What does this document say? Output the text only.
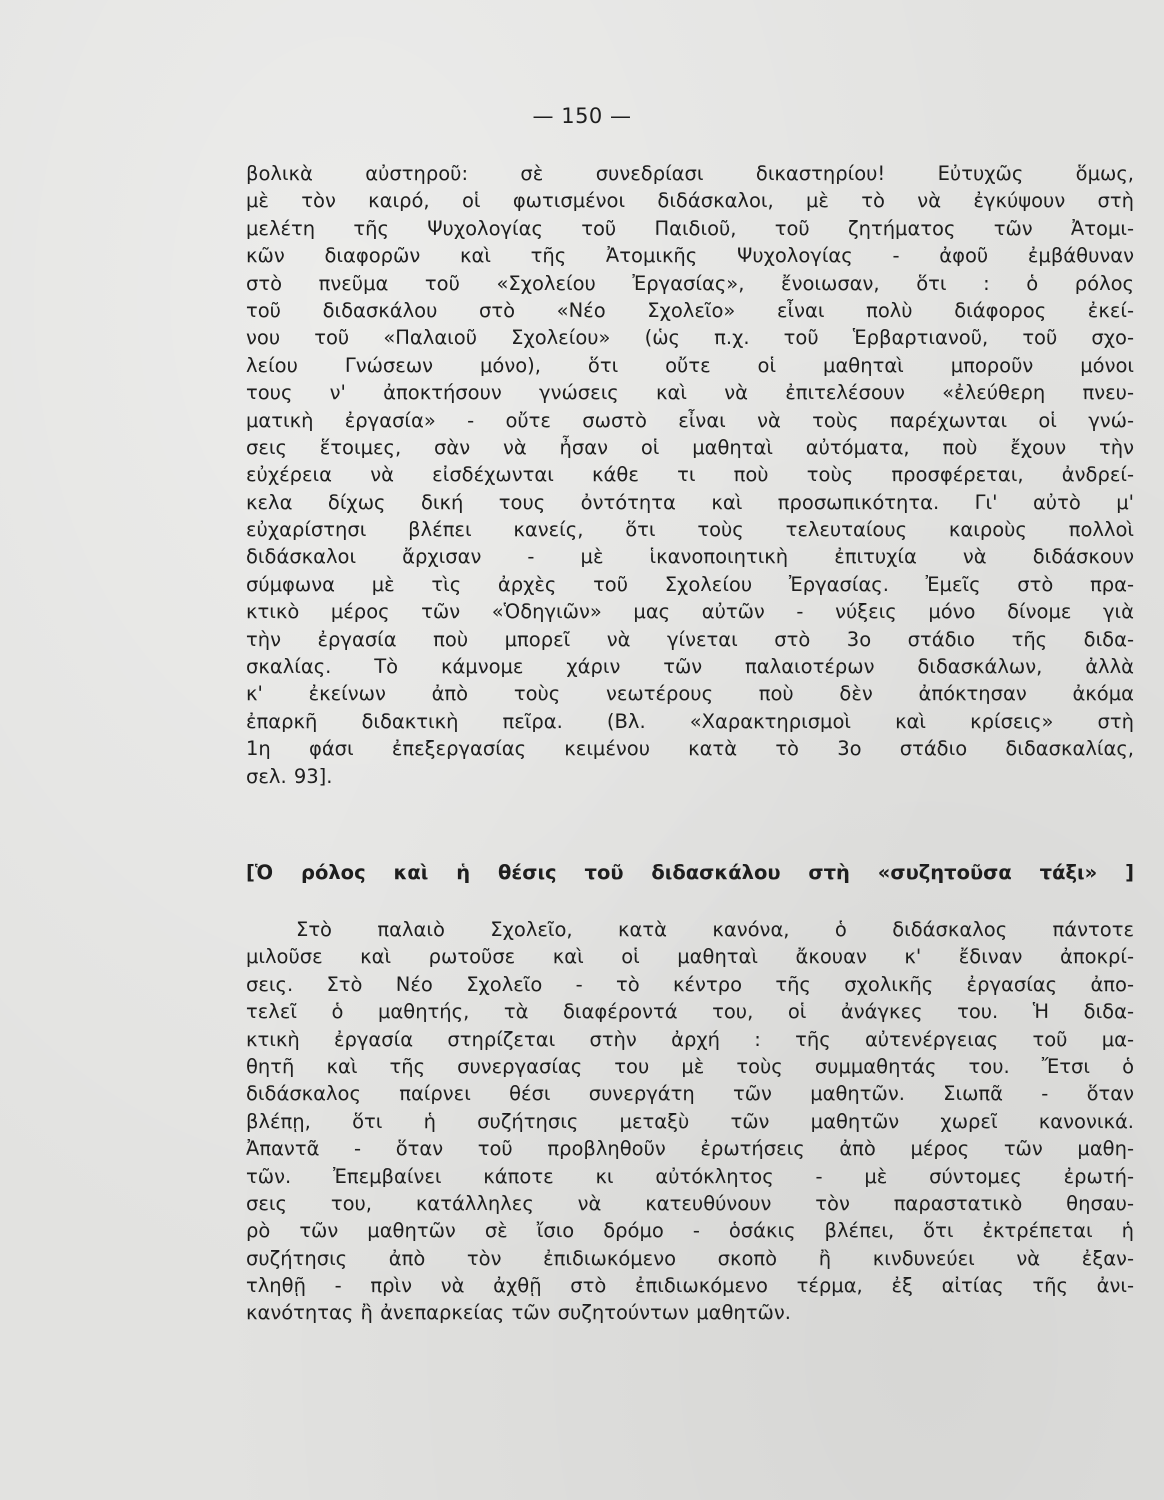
— 150 —
βολικὰ αὐστηροῦ: σὲ συνεδρίασι δικαστηρίου! Εὐτυχῶς ὅμως,
μὲ τὸν καιρό, οἱ φωτισμένοι διδάσκαλοι, μὲ τὸ νὰ ἐγκύψουν στὴ
μελέτη τῆς Ψυχολογίας τοῦ Παιδιοῦ, τοῦ ζητήματος τῶν Ἀτομι-
κῶν διαφορῶν καὶ τῆς Ἀτομικῆς Ψυχολογίας - ἀφοῦ ἐμβάθυναν
στὸ πνεῦμα τοῦ «Σχολείου Ἐργασίας», ἔνοιωσαν, ὅτι : ὁ ρόλος
τοῦ διδασκάλου στὸ «Νέο Σχολεῖο» εἶναι πολὺ διάφορος ἐκεί-
νου τοῦ «Παλαιοῦ Σχολείου» (ὡς π.χ. τοῦ Ἑρβαρτιανοῦ, τοῦ σχο-
λείου Γνώσεων μόνο), ὅτι οὔτε οἱ μαθηταὶ μποροῦν μόνοι
τους ν' ἀποκτήσουν γνώσεις καὶ νὰ ἐπιτελέσουν «ἐλεύθερη πνευ-
ματικὴ ἐργασία» - οὔτε σωστὸ εἶναι νὰ τοὺς παρέχωνται οἱ γνώ-
σεις ἕτοιμες, σὰν νὰ ἦσαν οἱ μαθηταὶ αὐτόματα, ποὺ ἔχουν τὴν
εὐχέρεια νὰ εἰσδέχωνται κάθε τι ποὺ τοὺς προσφέρεται, ἀνδρεί-
κελα δίχως δική τους ὀντότητα καὶ προσωπικότητα. Γι' αὐτὸ μ'
εὐχαρίστησι βλέπει κανείς, ὅτι τοὺς τελευταίους καιροὺς πολλοὶ
διδάσκαλοι ἄρχισαν - μὲ ἱκανοποιητικὴ ἐπιτυχία νὰ διδάσκουν
σύμφωνα μὲ τὶς ἀρχὲς τοῦ Σχολείου Ἐργασίας. Ἐμεῖς στὸ πρα-
κτικὸ μέρος τῶν «Ὁδηγιῶν» μας αὐτῶν - νύξεις μόνο δίνομε γιὰ
τὴν ἐργασία ποὺ μπορεῖ νὰ γίνεται στὸ 3ο στάδιο τῆς διδα-
σκαλίας. Τὸ κάμνομε χάριν τῶν παλαιοτέρων διδασκάλων, ἀλλὰ
κ' ἐκείνων ἀπὸ τοὺς νεωτέρους ποὺ δὲν ἀπόκτησαν ἀκόμα
ἐπαρκῆ διδακτικὴ πεῖρα. (Βλ. «Χαρακτηρισμοὶ καὶ κρίσεις» στὴ
1η φάσι ἐπεξεργασίας κειμένου κατὰ τὸ 3ο στάδιο διδασκαλίας,
σελ. 93].
[Ὁ ρόλος καὶ ἡ θέσις τοῦ διδασκάλου στὴ «συζητοῦσα τάξι» ]
Στὸ παλαιὸ Σχολεῖο, κατὰ κανόνα, ὁ διδάσκαλος πάντοτε
μιλοῦσε καὶ ρωτοῦσε καὶ οἱ μαθηταὶ ἄκουαν κ' ἔδιναν ἀποκρί-
σεις. Στὸ Νέο Σχολεῖο - τὸ κέντρο τῆς σχολικῆς ἐργασίας ἀπο-
τελεῖ ὁ μαθητής, τὰ διαφέροντά του, οἱ ἀνάγκες του. Ἡ διδα-
κτικὴ ἐργασία στηρίζεται στὴν ἀρχή : τῆς αὐτενέργειας τοῦ μα-
θητῆ καὶ τῆς συνεργασίας του μὲ τοὺς συμμαθητάς του. Ἔτσι ὁ
διδάσκαλος παίρνει θέσι συνεργάτη τῶν μαθητῶν. Σιωπᾶ - ὅταν
βλέπῃ, ὅτι ἡ συζήτησις μεταξὺ τῶν μαθητῶν χωρεῖ κανονικά.
Ἀπαντᾶ - ὅταν τοῦ προβληθοῦν ἐρωτήσεις ἀπὸ μέρος τῶν μαθη-
τῶν. Ἐπεμβαίνει κάποτε κι αὐτόκλητος - μὲ σύντομες ἐρωτή-
σεις του, κατάλληλες νὰ κατευθύνουν τὸν παραστατικὸ θησαυ-
ρὸ τῶν μαθητῶν σὲ ἴσιο δρόμο - ὁσάκις βλέπει, ὅτι ἐκτρέπεται ἡ
συζήτησις ἀπὸ τὸν ἐπιδιωκόμενο σκοπὸ ἢ κινδυνεύει νὰ ἐξαν-
τληθῇ - πρὶν νὰ ἀχθῇ στὸ ἐπιδιωκόμενο τέρμα, ἐξ αἰτίας τῆς ἀνι-
κανότητας ἢ ἀνεπαρκείας τῶν συζητούντων μαθητῶν.
